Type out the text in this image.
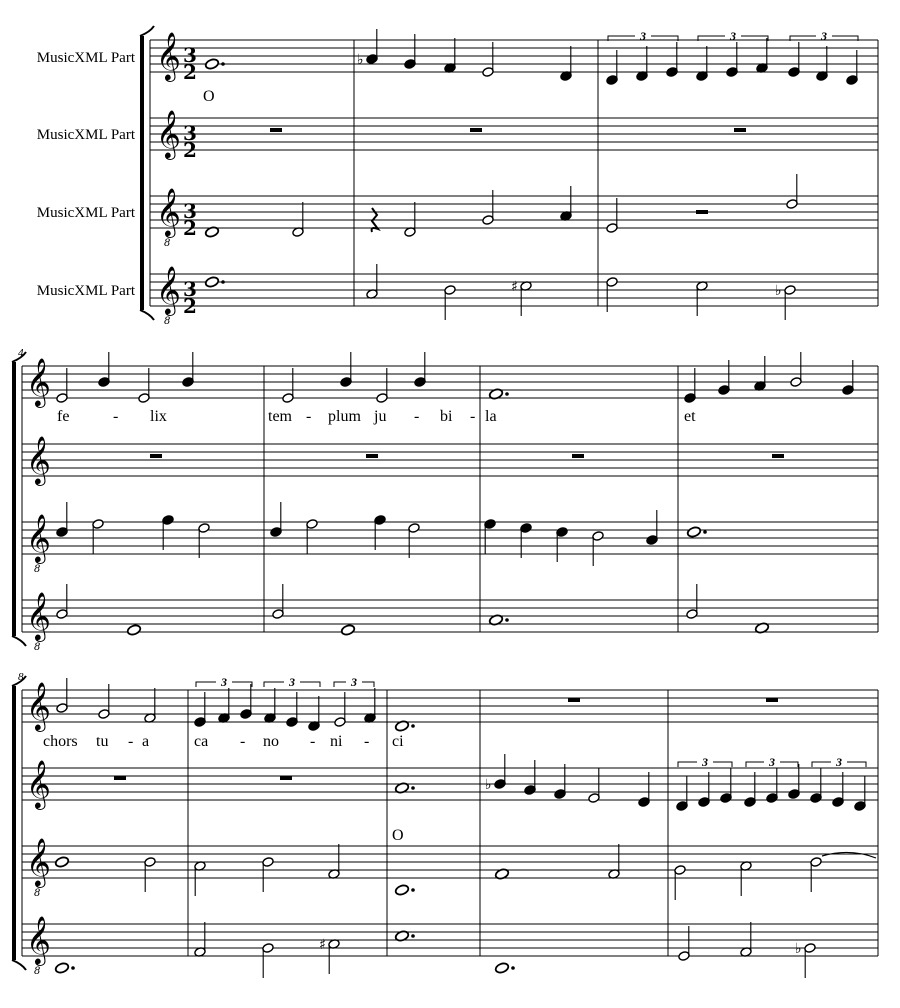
𝄞
𝄞
𝄞
8
𝄞
8
𝄞
𝄞
𝄞
8
𝄞
8
𝄞
𝄞
𝄞
8
𝄞
8
♭
♯	♭
♭
♯	♭
3	3	3
3	3	3
3	3	3
MusicXML Part
MusicXML Part
MusicXML Part
MusicXML Part
3
2
3
2
3
2
3
2
4
8
O
fe	- lix	tem - plum ju - bi - la	et
chors tu - a	ca - no - ni - ci
O
